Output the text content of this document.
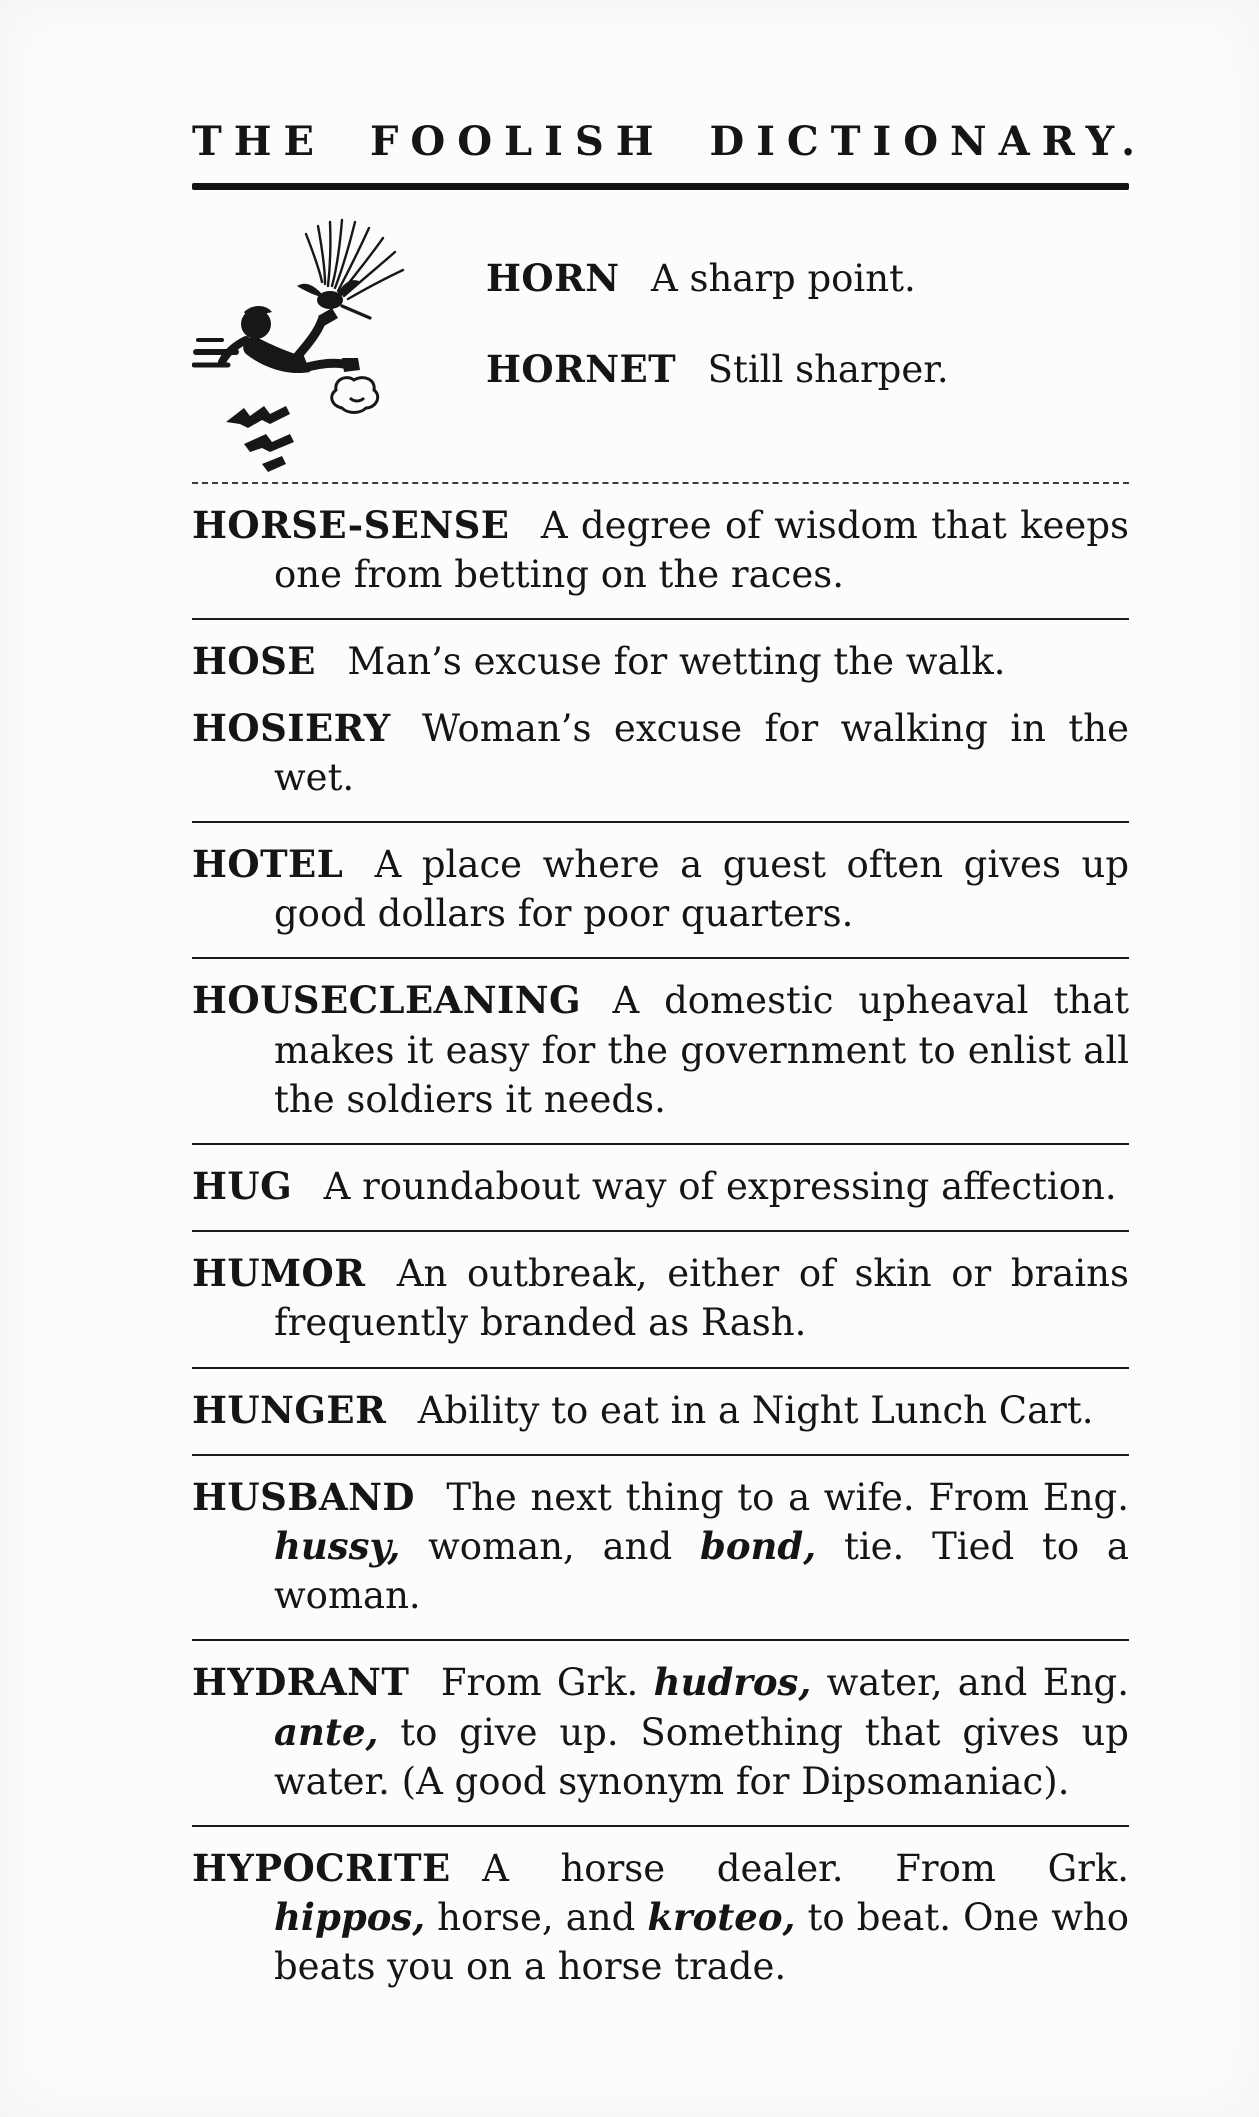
THE FOOLISH DICTIONARY.

HORN A sharp point.

HORNET Still sharper.

HORSE-SENSE A degree of wisdom that keeps one from betting on the races.

HOSE Man’s excuse for wetting the walk.

HOSIERY Woman’s excuse for walking in the wet.

HOTEL A place where a guest often gives up good dollars for poor quarters.

HOUSECLEANING A domestic upheaval that makes it easy for the government to enlist all the soldiers it needs.

HUG A roundabout way of expressing affection.

HUMOR An outbreak, either of skin or brains frequently branded as Rash.

HUNGER Ability to eat in a Night Lunch Cart.

HUSBAND The next thing to a wife. From Eng. hussy, woman, and bond, tie. Tied to a woman.

HYDRANT From Grk. hudros, water, and Eng. ante, to give up. Something that gives up water. (A good synonym for Dipsomaniac).

HYPOCRITE A horse dealer. From Grk. hippos, horse, and kroteo, to beat. One who beats you on a horse trade.
